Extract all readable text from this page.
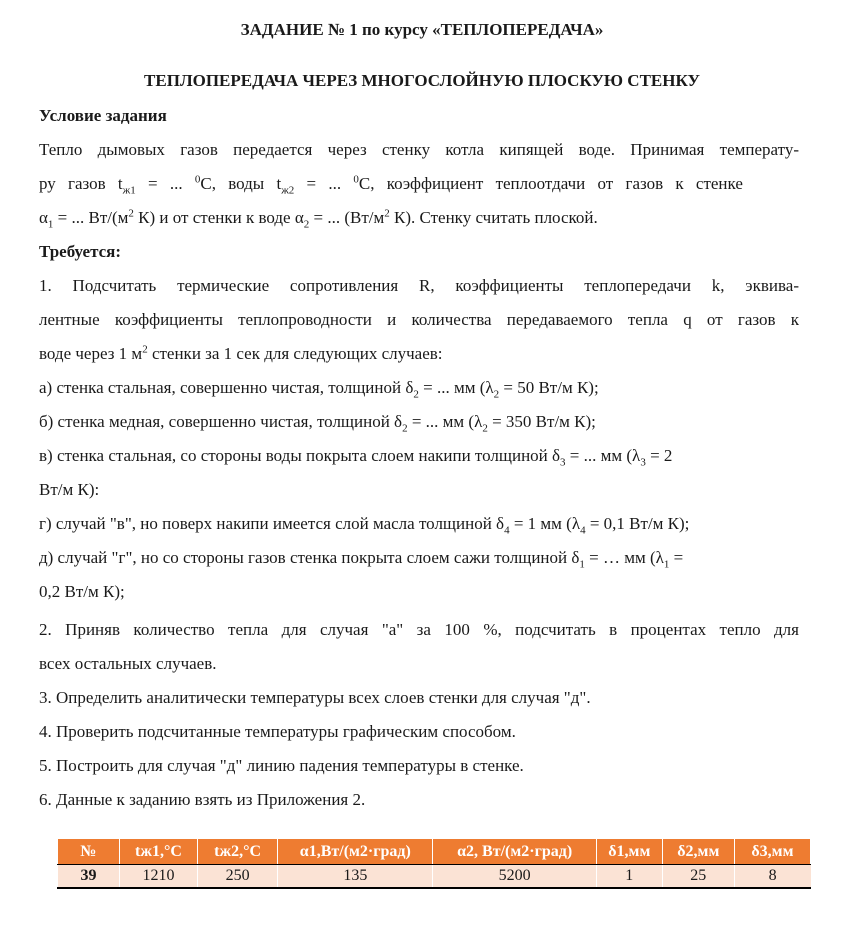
ЗАДАНИЕ № 1 по курсу «ТЕПЛОПЕРЕДАЧА»
ТЕПЛОПЕРЕДАЧА ЧЕРЕЗ МНОГОСЛОЙНУЮ ПЛОСКУЮ СТЕНКУ
Условие задания
Тепло дымовых газов передается через стенку котла кипящей воде. Принимая температу-
ру газов $t_{ж1}$ = ... $^0$С, воды $t_{ж2}$ = ... $^0$С, коэффициент теплоотдачи от газов к стенке
$\alpha_1$ = ... $Вт/(м^2$ К) и от стенки к воде $\alpha_2$ = ... ($Вт/м^2$ К). Стенку считать плоской.
Требуется:
1. Подсчитать термические сопротивления R, коэффициенты теплопередачи k, эквива-
лентные коэффициенты теплопроводности и количества передаваемого тепла q от газов к
воде через 1 $м^2$ стенки за 1 сек для следующих случаев:
а) стенка стальная, совершенно чистая, толщиной $\delta_2$ = ... мм ($\lambda_2 = 50$ Вт/м К);
б) стенка медная, совершенно чистая, толщиной $\delta_2$ = ... мм ($\lambda_2 = 350$ Вт/м К);
в) стенка стальная, со стороны воды покрыта слоем накипи толщиной $\delta_3$ = ... мм ($\lambda_3 = 2$
Вт/м К):
г) случай "в", но поверх накипи имеется слой масла толщиной $\delta_4 = 1$ мм ($\lambda_4 = 0,1$ Вт/м К);
д) случай "г", но со стороны газов стенка покрыта слоем сажи толщиной $\delta_1$ = … мм ($\lambda_1$ =
0,2 Вт/м К);
2. Приняв количество тепла для случая "а" за 100 %, подсчитать в процентах тепло для
всех остальных случаев.
3. Определить аналитически температуры всех слоев стенки для случая "д".
4. Проверить подсчитанные температуры графическим способом.
5. Построить для случая "д" линию падения температуры в стенке.
6. Данные к заданию взять из Приложения 2.
№	tж1,°C	tж2,°C	α1,Вт/(м2·град)	α2, Вт/(м2·град)	δ1,мм	δ2,мм	δ3,мм
39	1210	250	135	5200	1	25	8
